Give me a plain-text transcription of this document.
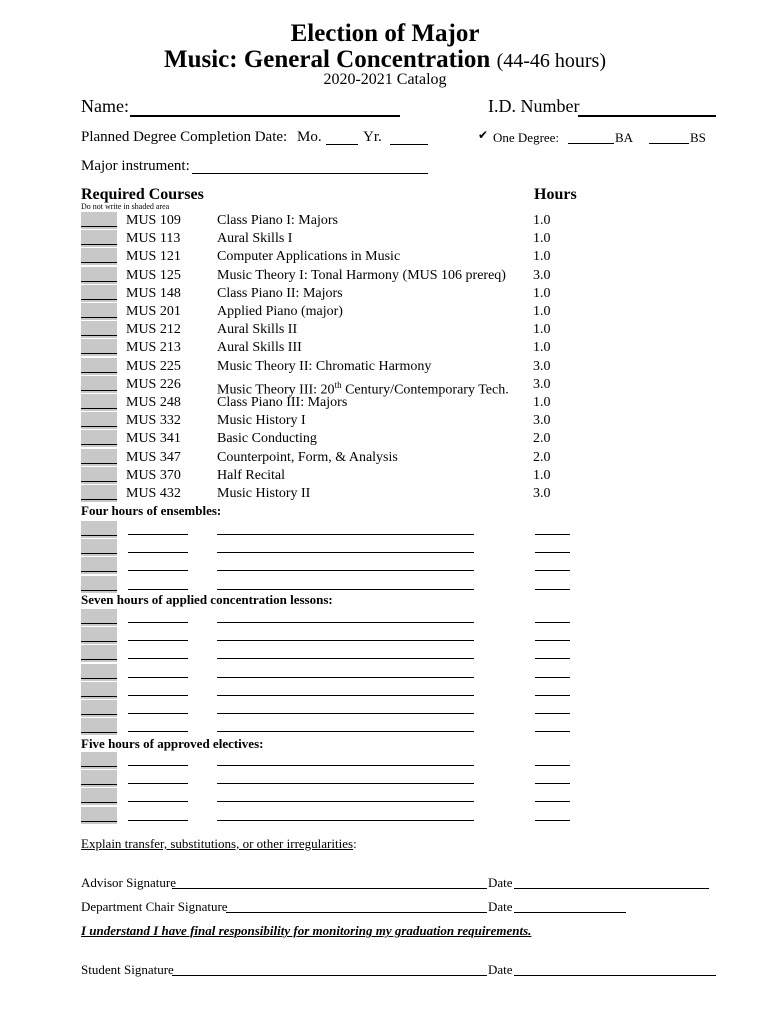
Election of Major
Music: General Concentration (44-46 hours)
2020-2021 Catalog
Name:	I.D. Number
Planned Degree Completion Date: Mo.	Yr.	✔ One Degree:	BA	BS
Major instrument:
Required Courses	Hours
Do not write in shaded area
MUS 109	Class Piano I: Majors	1.0
MUS 113	Aural Skills I	1.0
MUS 121	Computer Applications in Music	1.0
MUS 125	Music Theory I: Tonal Harmony (MUS 106 prereq) 3.0
MUS 148	Class Piano II: Majors	1.0
MUS 201	Applied Piano (major)	1.0
MUS 212	Aural Skills II	1.0
MUS 213	Aural Skills III	1.0
MUS 225	Music Theory II: Chromatic Harmony	3.0
MUS 226	Music Theory III: 20th Century/Contemporary Tech. 3.0
MUS 248	Class Piano III: Majors	1.0
MUS 332	Music History I	3.0
MUS 341	Basic Conducting	2.0
MUS 347	Counterpoint, Form, & Analysis	2.0
MUS 370	Half Recital	1.0
MUS 432	Music History II	3.0
Four hours of ensembles:
Seven hours of applied concentration lessons:
Five hours of approved electives:
Explain transfer, substitutions, or other irregularities:
Advisor Signature	Date
Department Chair Signature	Date
I understand I have final responsibility for monitoring my graduation requirements.
Student Signature	Date
